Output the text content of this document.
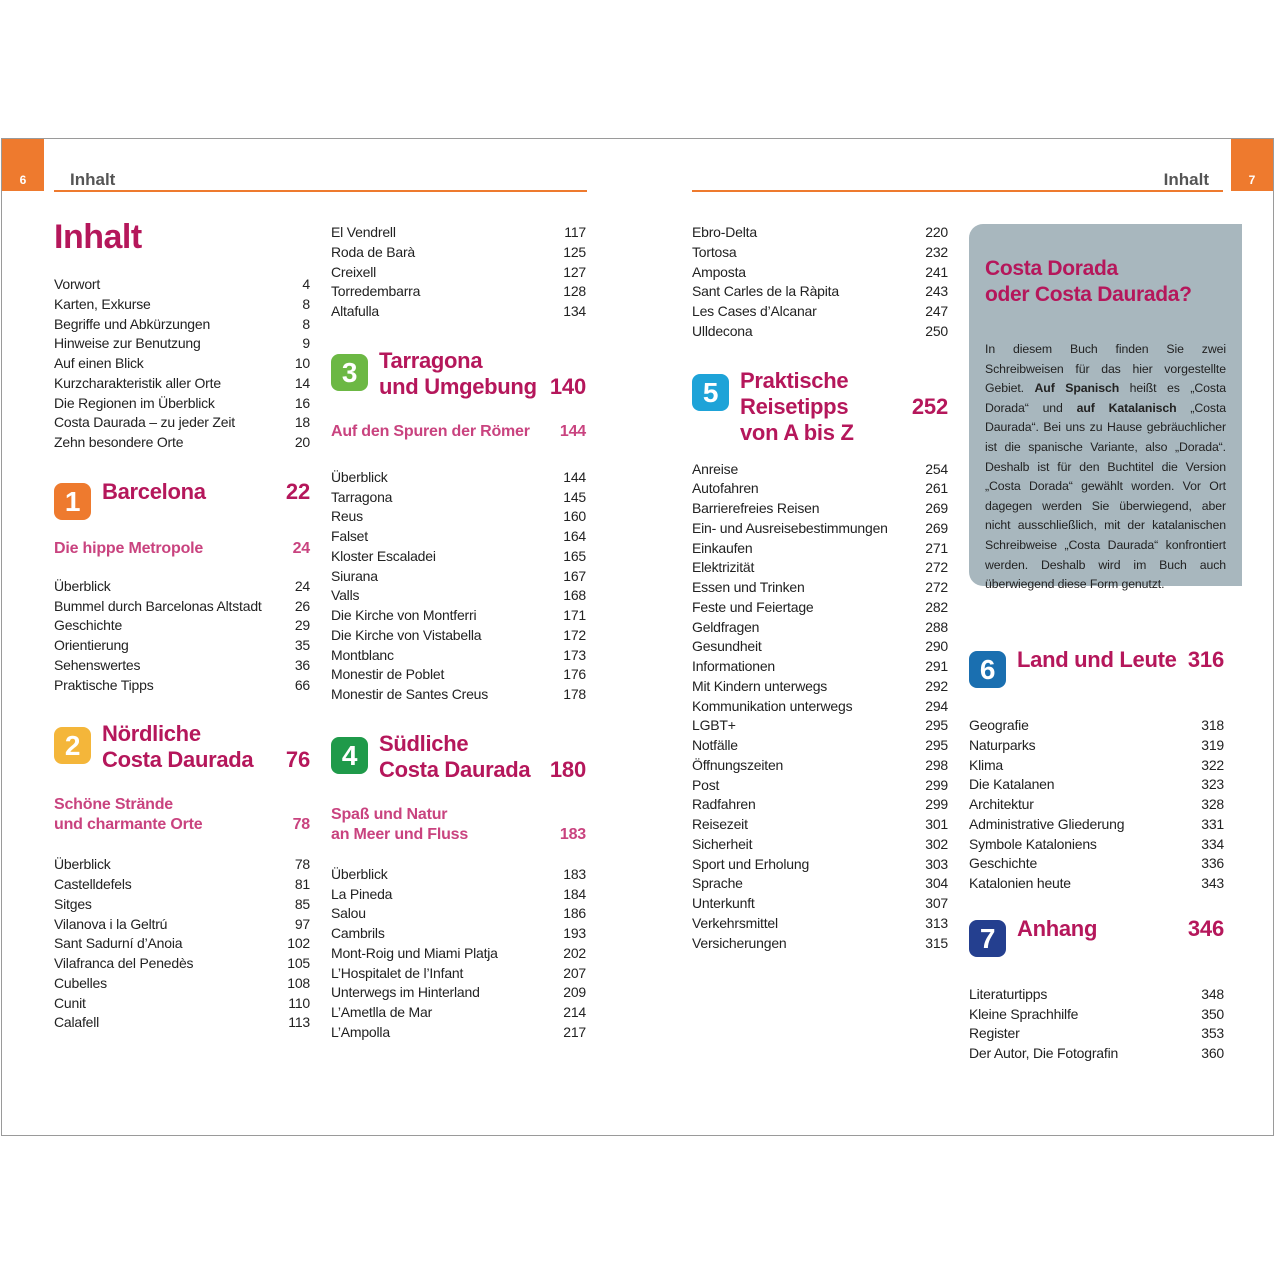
6	Inhalt	Inhalt	7
Inhalt
Vorwort	4
Karten, Exkurse	8
Begriffe und Abkürzungen	8
Hinweise zur Benutzung	9
Auf einen Blick	10
Kurzcharakteristik aller Orte	14
Die Regionen im Überblick	16
Costa Daurada – zu jeder Zeit	18
Zehn besondere Orte	20
1 Barcelona	22
Die hippe Metropole	24
Überblick	24
Bummel durch Barcelonas Altstadt 26
Geschichte	29
Orientierung	35
Sehenswertes	36
Praktische Tipps	66
2 Nördliche
Costa Daurada	76
Schöne Strände
und charmante Orte	78
Überblick	78
Castelldefels	81
Sitges	85
Vilanova i la Geltrú	97
Sant Sadurní d’Anoia	102
Vilafranca del Penedès	105
Cubelles	108
Cunit	110
Calafell	113
El Vendrell	117
Roda de Barà	125
Creixell	127
Torredembarra	128
Altafulla	134
3 Tarragona
und Umgebung 140
Auf den Spuren der Römer 144
Überblick	144
Tarragona	145
Reus	160
Falset	164
Kloster Escaladei	165
Siurana	167
Valls	168
Die Kirche von Montferri	171
Die Kirche von Vistabella	172
Montblanc	173
Monestir de Poblet	176
Monestir de Santes Creus	178
4 Südliche
Costa Daurada 180
Spaß und Natur
an Meer und Fluss	183
Überblick	183
La Pineda	184
Salou	186
Cambrils	193
Mont-Roig und Miami Platja	202
L’Hospitalet de l’Infant	207
Unterwegs im Hinterland	209
L’Ametlla de Mar	214
L’Ampolla	217
Ebro-Delta	220
Tortosa	232
Amposta	241
Sant Carles de la Ràpita	243
Les Cases d’Alcanar	247
Ulldecona	250
5 Praktische Reisetipps
von A bis Z
252
Anreise	254
Autofahren	261
Barrierefreies Reisen	269
Ein- und Ausreisebestimmungen	269
Einkaufen	271
Elektrizität	272
Essen und Trinken	272
Feste und Feiertage	282
Geldfragen	288
Gesundheit	290
Informationen	291
Mit Kindern unterwegs	292
Kommunikation unterwegs	294
LGBT+	295
Notfälle	295
Öffnungszeiten	298
Post	299
Radfahren	299
Reisezeit	301
Sicherheit	302
Sport und Erholung	303
Sprache	304
Unterkunft	307
Verkehrsmittel	313
Versicherungen	315
Costa Dorada
oder Costa Daurada?

In diesem Buch finden Sie zwei Schreibweisen für das hier vorgestellte Gebiet. Auf Spanisch heißt es „Costa Dorada“ und auf Katalanisch „Costa Daurada“. Bei uns zu Hause gebräuchlicher ist die spanische Variante, also „Dorada“. Deshalb ist für den Buchtitel die Version „Costa Dorada“ gewählt worden. Vor Ort dagegen werden Sie überwiegend, aber nicht ausschließlich, mit der katalanischen Schreibweise „Costa Daurada“ konfrontiert werden. Deshalb wird im Buch auch überwiegend diese Form genutzt.

6 Land und Leute 316
Geografie	318
Naturparks	319
Klima	322
Die Katalanen	323
Architektur	328
Administrative Gliederung	331
Symbole Kataloniens	334
Geschichte	336
Katalonien heute	343
7 Anhang	346
Literaturtipps	348
Kleine Sprachhilfe	350
Register	353
Der Autor, Die Fotografin	360
